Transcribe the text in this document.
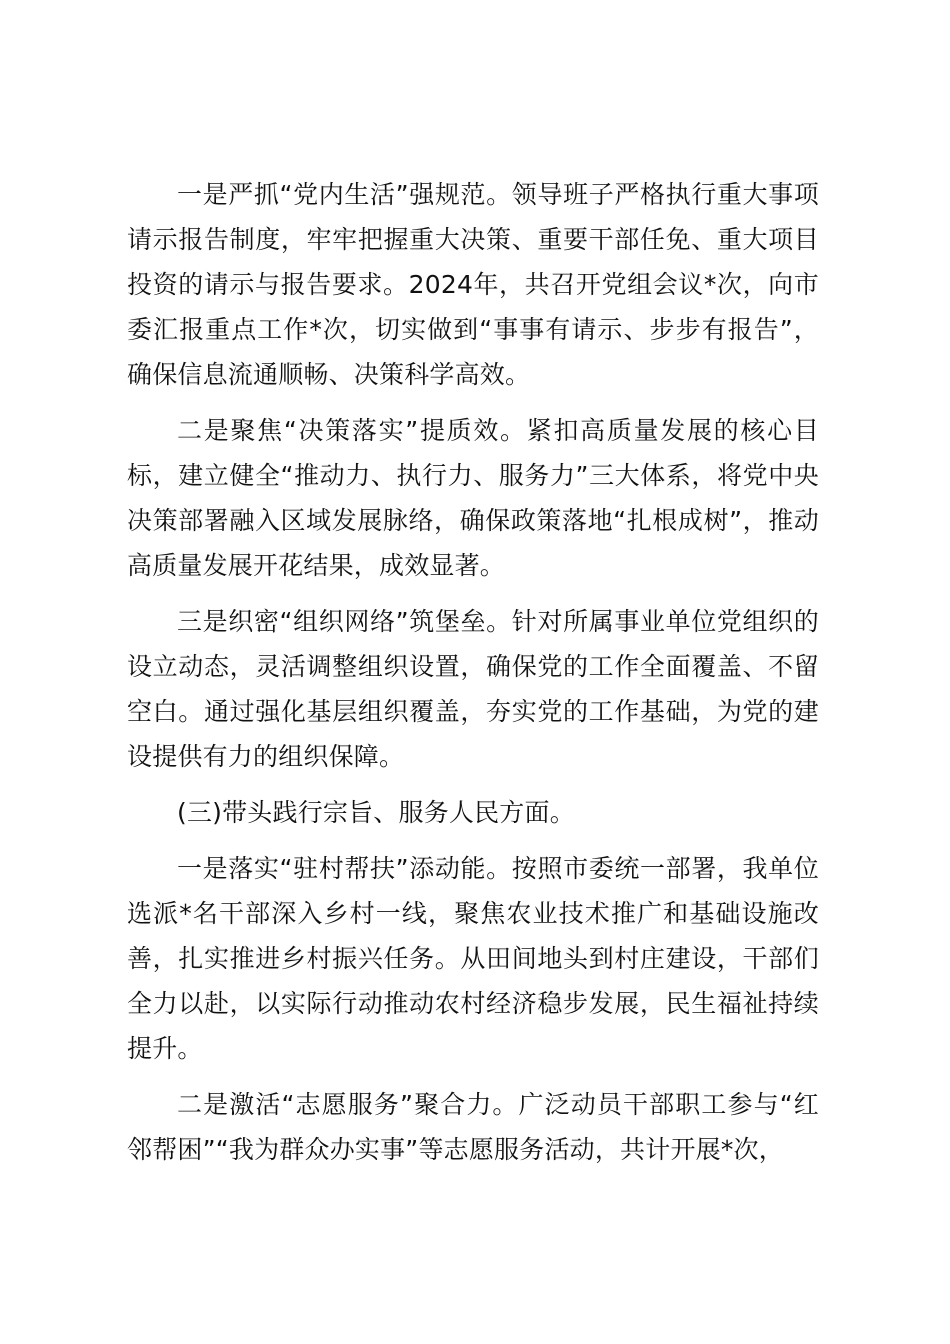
一是严抓“党内生活”强规范。领导班子严格执行重大事项请示报告制度，牢牢把握重大决策、重要干部任免、重大项目投资的请示与报告要求。2024年，共召开党组会议*次，向市委汇报重点工作*次，切实做到“事事有请示、步步有报告”，确保信息流通顺畅、决策科学高效。

二是聚焦“决策落实”提质效。紧扣高质量发展的核心目标，建立健全“推动力、执行力、服务力”三大体系，将党中央决策部署融入区域发展脉络，确保政策落地“扎根成树”，推动高质量发展开花结果，成效显著。

三是织密“组织网络”筑堡垒。针对所属事业单位党组织的设立动态，灵活调整组织设置，确保党的工作全面覆盖、不留空白。通过强化基层组织覆盖，夯实党的工作基础，为党的建设提供有力的组织保障。

(三)带头践行宗旨、服务人民方面。

一是落实“驻村帮扶”添动能。按照市委统一部署，我单位选派*名干部深入乡村一线，聚焦农业技术推广和基础设施改善，扎实推进乡村振兴任务。从田间地头到村庄建设，干部们全力以赴，以实际行动推动农村经济稳步发展，民生福祉持续提升。

二是激活“志愿服务”聚合力。广泛动员干部职工参与“红邻帮困”“我为群众办实事”等志愿服务活动，共计开展*次，
